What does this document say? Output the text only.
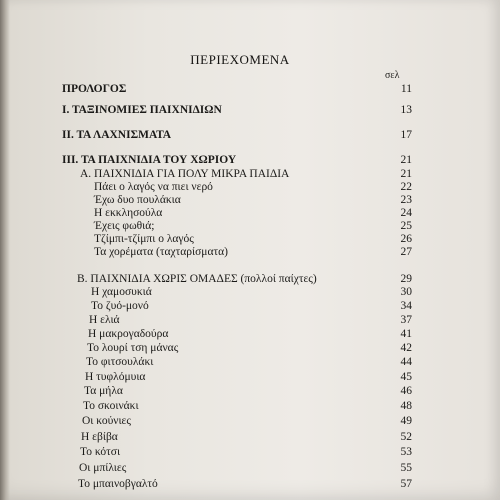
ΠΕΡΙΕΧΟΜΕΝΑ
σελ
ΠΡΟΛΟΓΟΣ	11
Ι. ΤΑΞΙΝΟΜΙΕΣ ΠΑΙΧΝΙΔΙΩΝ	13
ΙΙ. ΤΑ ΛΑΧΝΙΣΜΑΤΑ	17
ΙΙΙ. ΤΑ ΠΑΙΧΝΙΔΙΑ ΤΟΥ ΧΩΡΙΟΥ	21
Α. ΠΑΙΧΝΙΔΙΑ ΓΙΑ ΠΟΛΥ ΜΙΚΡΑ ΠΑΙΔΙΑ	21
Πάει ο λαγός να πιει νερό	22
Έχω δυο πουλάκια	23
Η εκκλησούλα	24
Έχεις φωθιά;	25
Τζίμπι-τζίμπι ο λαγός	26
Τα χορέματα (ταχταρίσματα)	27
Β. ΠΑΙΧΝΙΔΙΑ ΧΩΡΙΣ ΟΜΑΔΕΣ (πολλοί παίχτες)	29
Η χαμοσυκιά	30
Το ζυό-μονό	34
Η ελιά	37
Η μακρογαδούρα	41
Το λουρί τση μάνας	42
Το φιτσουλάκι	44
Η τυφλόμυια	45
Τα μήλα	46
Το σκοινάκι	48
Οι κούνιες	49
Η εβίβα	52
Το κότσι	53
Οι μπίλιες	55
Το μπαινοβγαλτό	57
